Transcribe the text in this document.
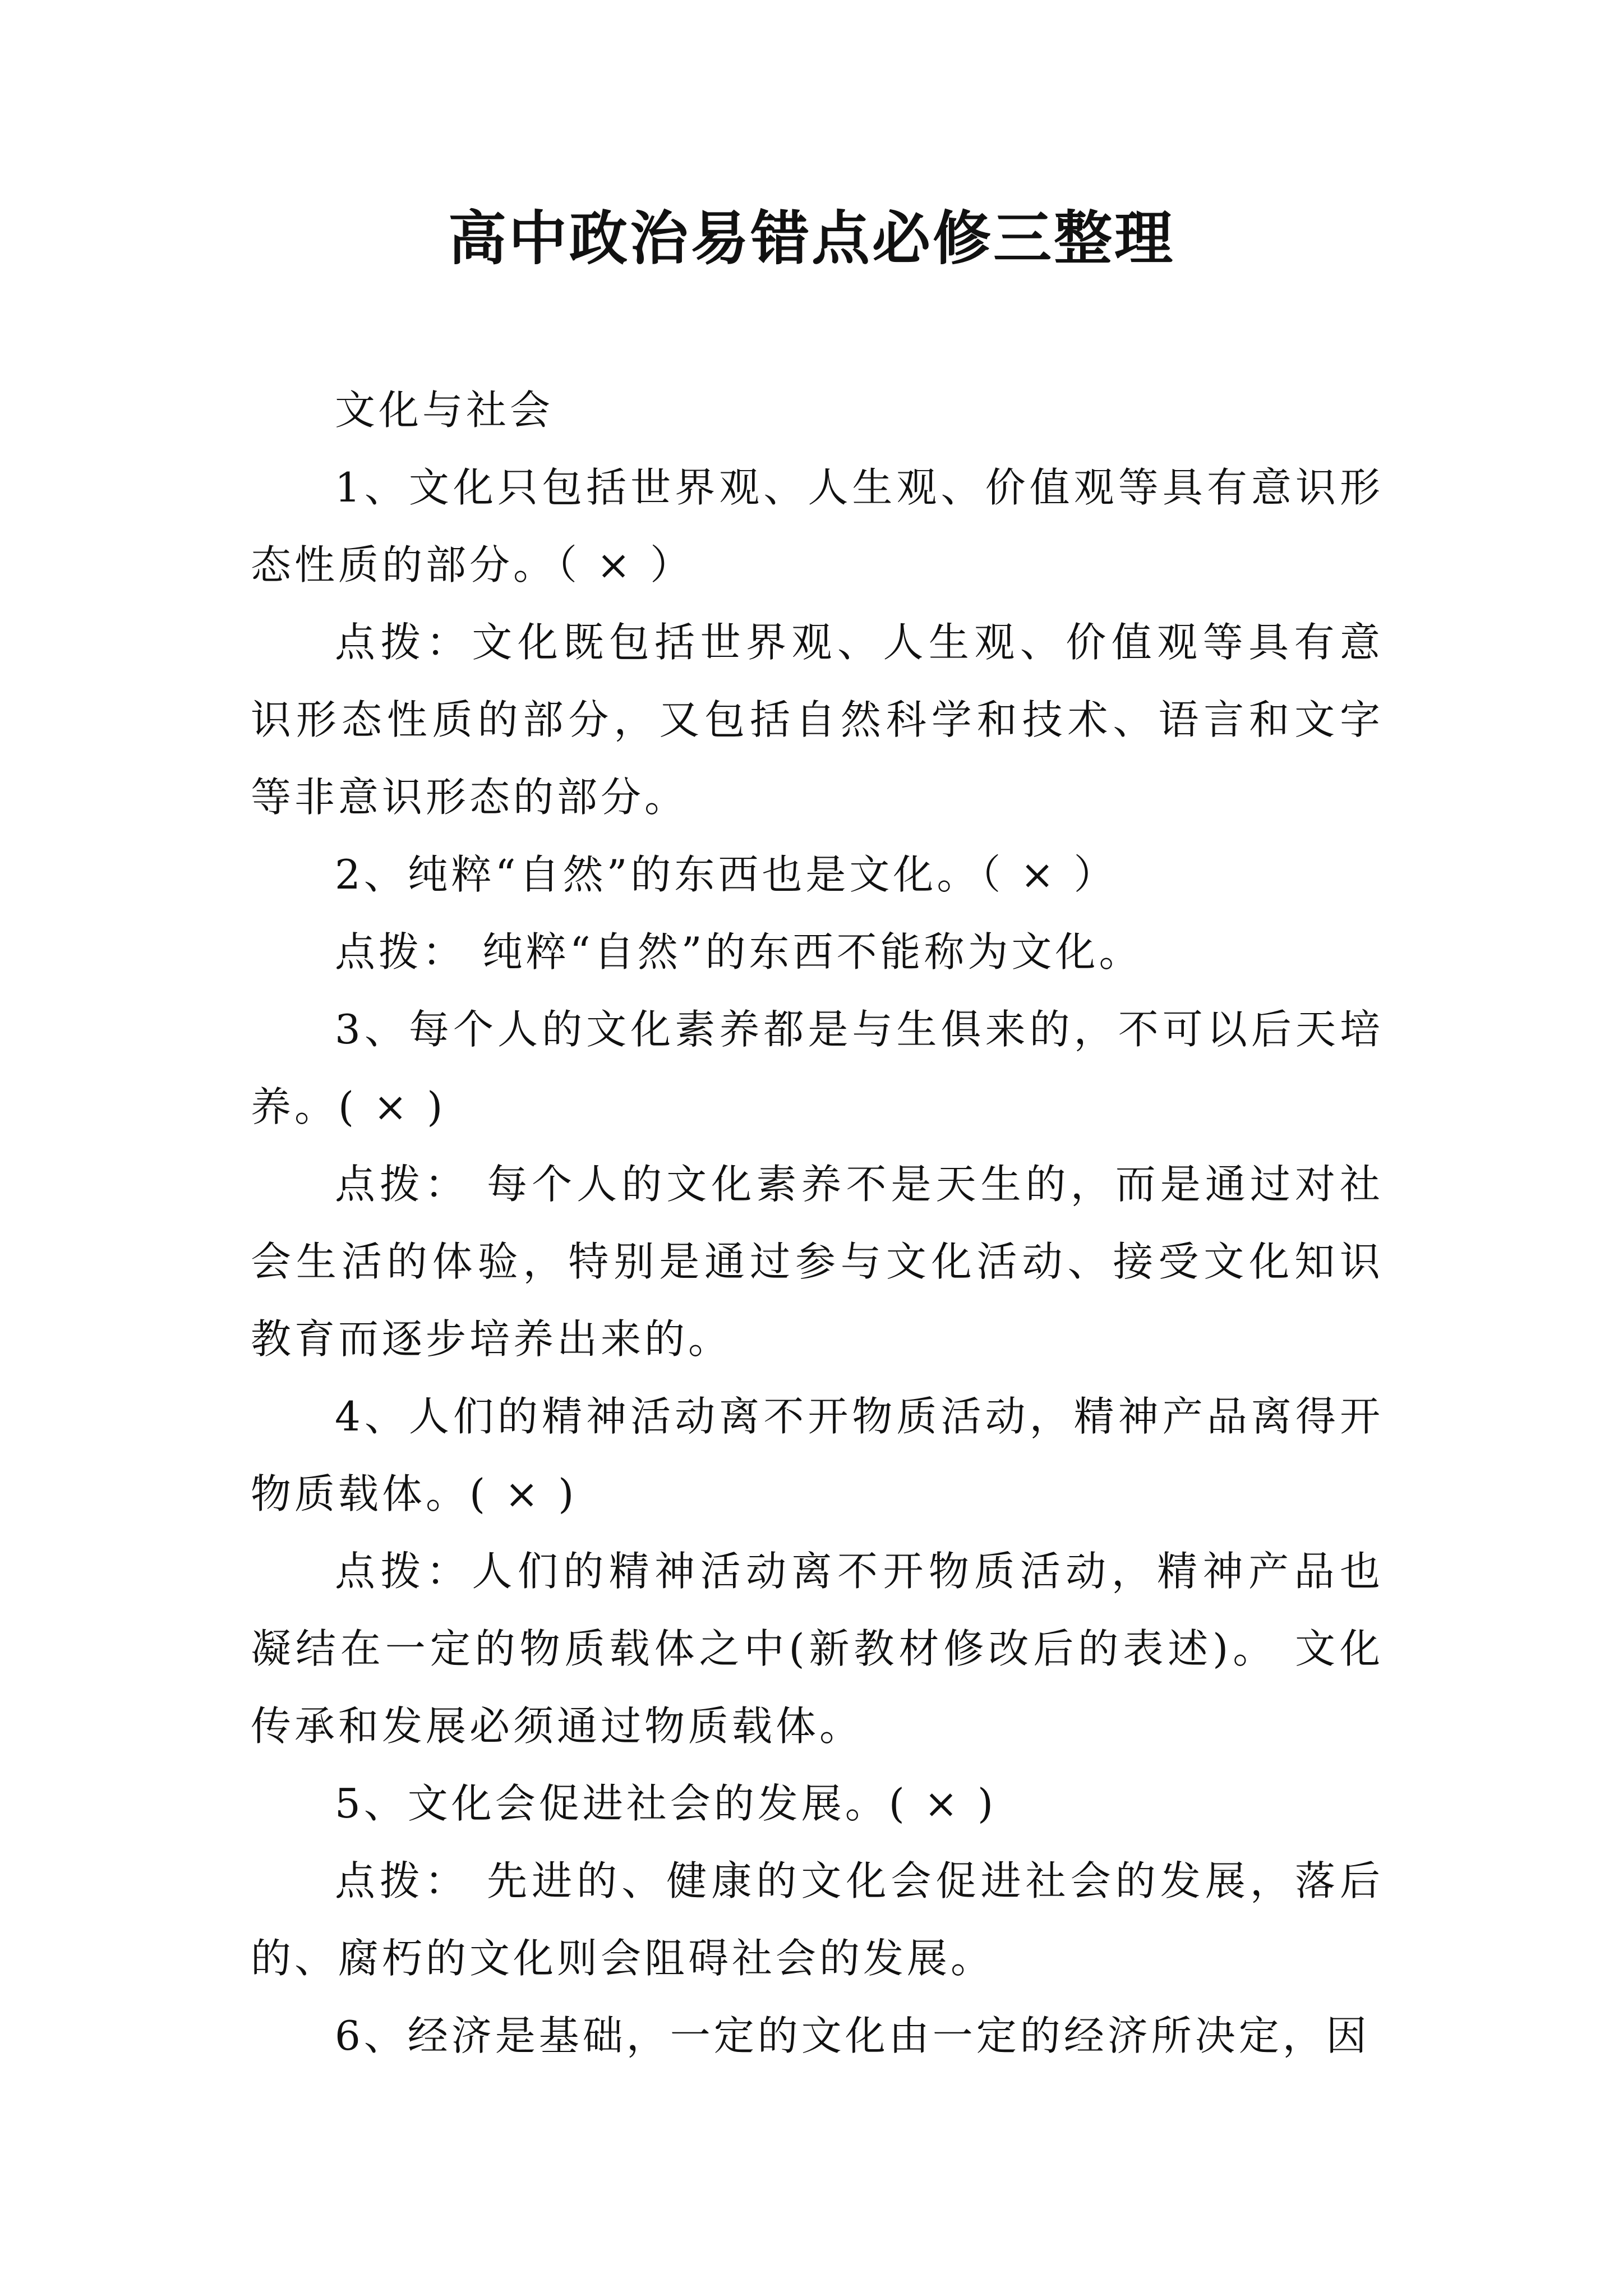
高中政治易错点必修三整理

文化与社会

1、文化只包括世界观、人生观、价值观等具有意识形态性质的部分。（ × ）

点拨：文化既包括世界观、人生观、价值观等具有意识形态性质的部分，又包括自然科学和技术、语言和文字等非意识形态的部分。

2、纯粹“自然”的东西也是文化。（ × ）

点拨： 纯粹“自然”的东西不能称为文化。

3、每个人的文化素养都是与生俱来的，不可以后天培养。( × )

点拨： 每个人的文化素养不是天生的，而是通过对社会生活的体验，特别是通过参与文化活动、接受文化知识教育而逐步培养出来的。

4、人们的精神活动离不开物质活动，精神产品离得开物质载体。( × )

点拨：人们的精神活动离不开物质活动，精神产品也凝结在一定的物质载体之中(新教材修改后的表述)。 文化传承和发展必须通过物质载体。

5、文化会促进社会的发展。( × )

点拨： 先进的、健康的文化会促进社会的发展，落后的、腐朽的文化则会阻碍社会的发展。

6、经济是基础，一定的文化由一定的经济所决定，因
